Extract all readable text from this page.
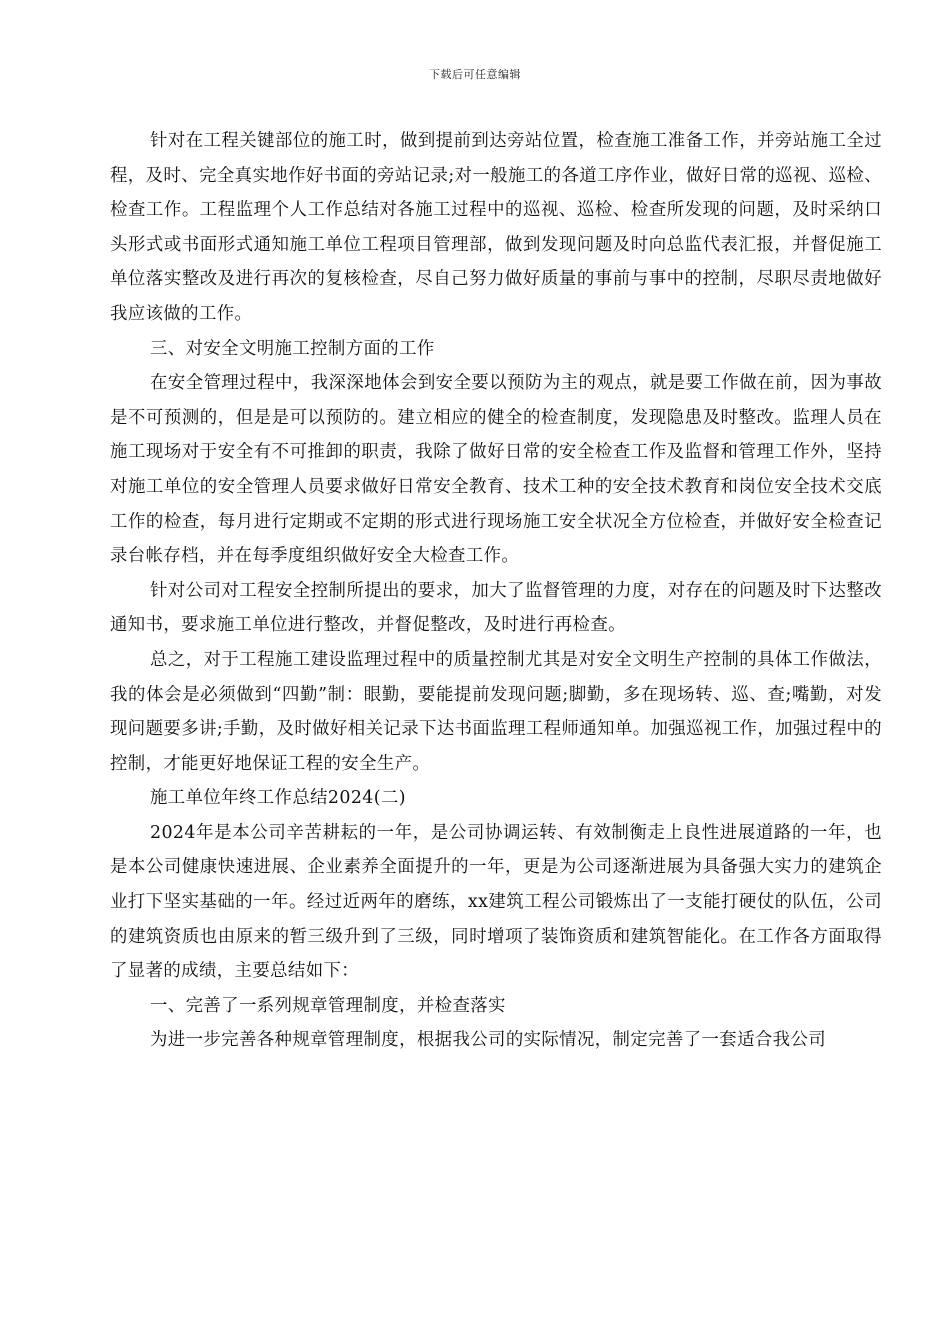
下载后可任意编辑

针对在工程关键部位的施工时，做到提前到达旁站位置，检查施工准备工作，并旁站施工全过程，及时、完全真实地作好书面的旁站记录;对一般施工的各道工序作业，做好日常的巡视、巡检、检查工作。工程监理个人工作总结对各施工过程中的巡视、巡检、检查所发现的问题，及时采纳口头形式或书面形式通知施工单位工程项目管理部，做到发现问题及时向总监代表汇报，并督促施工单位落实整改及进行再次的复核检查，尽自己努力做好质量的事前与事中的控制，尽职尽责地做好我应该做的工作。

三、对安全文明施工控制方面的工作

在安全管理过程中，我深深地体会到安全要以预防为主的观点，就是要工作做在前，因为事故是不可预测的，但是是可以预防的。建立相应的健全的检查制度，发现隐患及时整改。监理人员在施工现场对于安全有不可推卸的职责，我除了做好日常的安全检查工作及监督和管理工作外，坚持对施工单位的安全管理人员要求做好日常安全教育、技术工种的安全技术教育和岗位安全技术交底工作的检查，每月进行定期或不定期的形式进行现场施工安全状况全方位检查，并做好安全检查记录台帐存档，并在每季度组织做好安全大检查工作。

针对公司对工程安全控制所提出的要求，加大了监督管理的力度，对存在的问题及时下达整改通知书，要求施工单位进行整改，并督促整改，及时进行再检查。

总之，对于工程施工建设监理过程中的质量控制尤其是对安全文明生产控制的具体工作做法，我的体会是必须做到“四勤”制：眼勤，要能提前发现问题;脚勤，多在现场转、巡、查;嘴勤，对发现问题要多讲;手勤，及时做好相关记录下达书面监理工程师通知单。加强巡视工作，加强过程中的控制，才能更好地保证工程的安全生产。

施工单位年终工作总结2024(二)

2024年是本公司辛苦耕耘的一年，是公司协调运转、有效制衡走上良性进展道路的一年，也是本公司健康快速进展、企业素养全面提升的一年，更是为公司逐渐进展为具备强大实力的建筑企业打下坚实基础的一年。经过近两年的磨练，xx建筑工程公司锻炼出了一支能打硬仗的队伍，公司的建筑资质也由原来的暂三级升到了三级，同时增项了装饰资质和建筑智能化。在工作各方面取得了显著的成绩，主要总结如下：

一、完善了一系列规章管理制度，并检查落实

为进一步完善各种规章管理制度，根据我公司的实际情况，制定完善了一套适合我公司
